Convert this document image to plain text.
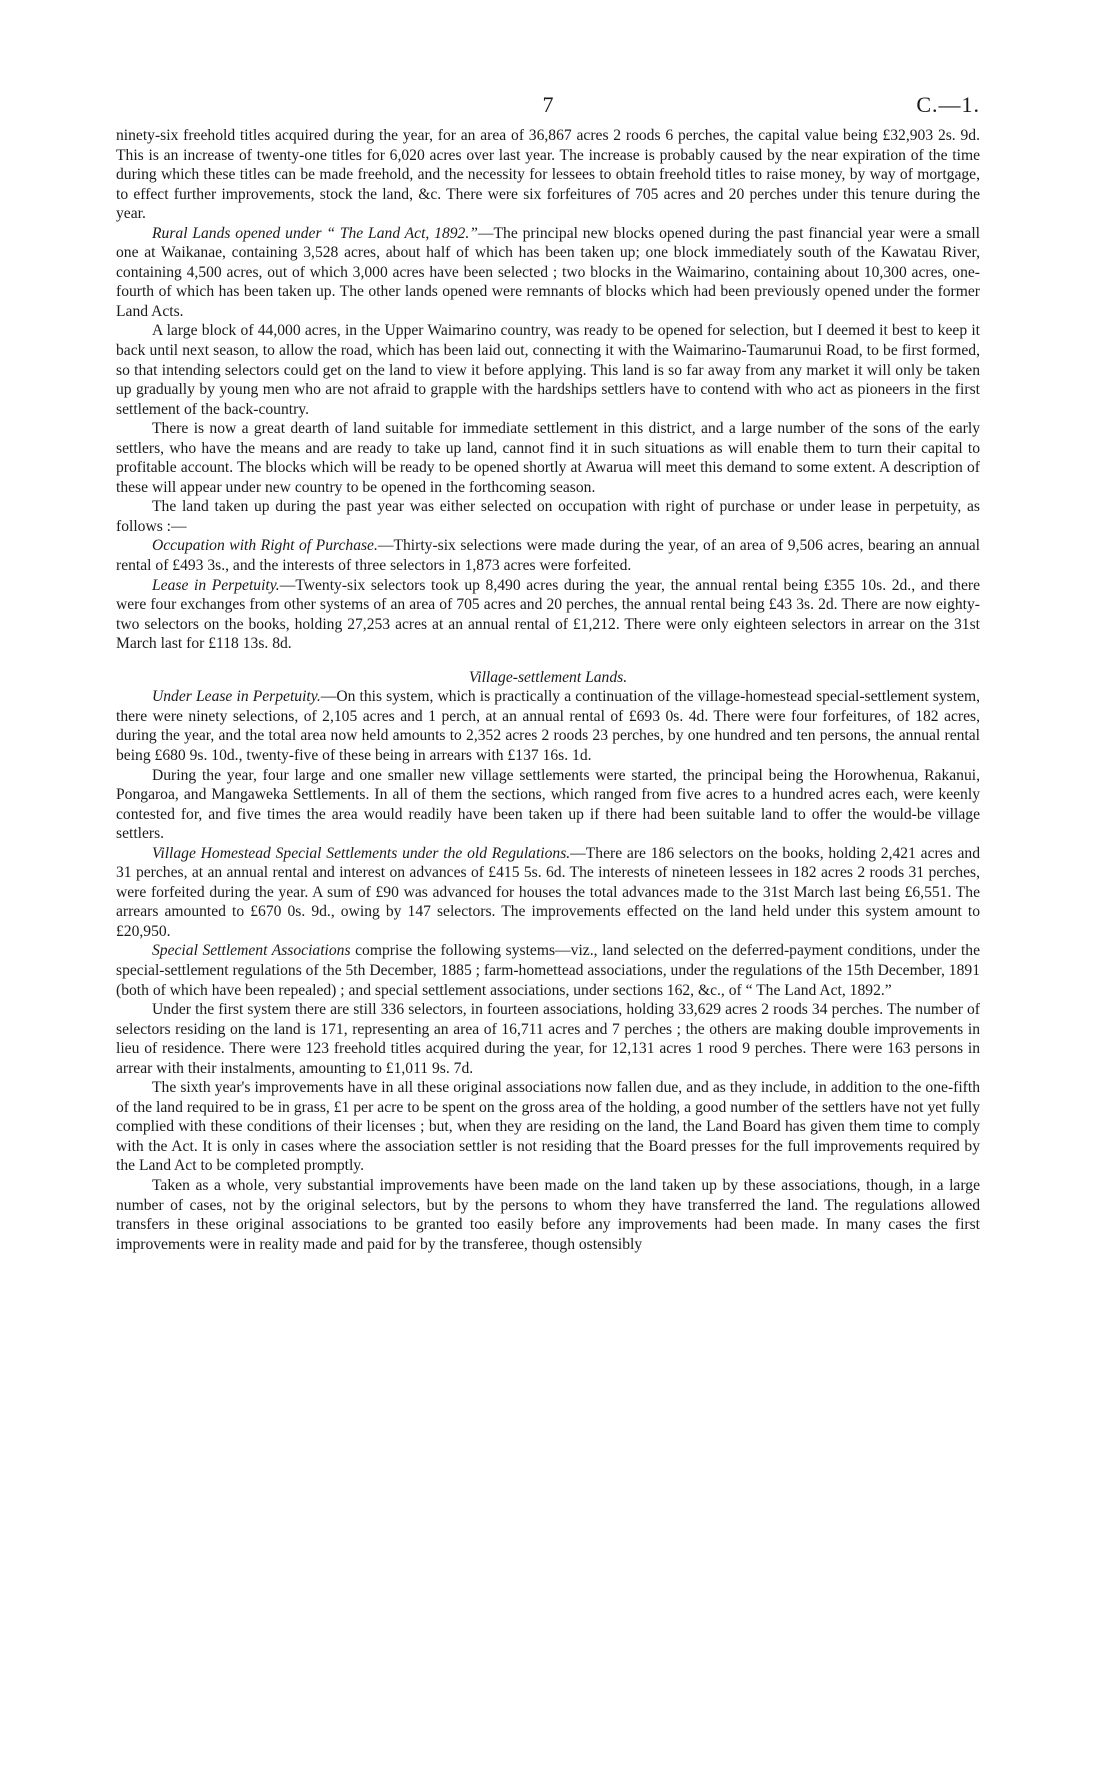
7	C.—1.

ninety-six freehold titles acquired during the year, for an area of 36,867 acres 2 roods 6 perches, the capital value being £32,903 2s. 9d. This is an increase of twenty-one titles for 6,020 acres over last year. The increase is probably caused by the near expiration of the time during which these titles can be made freehold, and the necessity for lessees to obtain freehold titles to raise money, by way of mortgage, to effect further improvements, stock the land, &c. There were six forfeitures of 705 acres and 20 perches under this tenure during the year.

Rural Lands opened under “ The Land Act, 1892.”—The principal new blocks opened during the past financial year were a small one at Waikanae, containing 3,528 acres, about half of which has been taken up; one block immediately south of the Kawatau River, containing 4,500 acres, out of which 3,000 acres have been selected ; two blocks in the Waimarino, containing about 10,300 acres, one-fourth of which has been taken up. The other lands opened were remnants of blocks which had been previously opened under the former Land Acts.

A large block of 44,000 acres, in the Upper Waimarino country, was ready to be opened for selection, but I deemed it best to keep it back until next season, to allow the road, which has been laid out, connecting it with the Waimarino-Taumarunui Road, to be first formed, so that intending selectors could get on the land to view it before applying. This land is so far away from any market it will only be taken up gradually by young men who are not afraid to grapple with the hardships settlers have to contend with who act as pioneers in the first settlement of the back-country.

There is now a great dearth of land suitable for immediate settlement in this district, and a large number of the sons of the early settlers, who have the means and are ready to take up land, cannot find it in such situations as will enable them to turn their capital to profitable account. The blocks which will be ready to be opened shortly at Awarua will meet this demand to some extent. A description of these will appear under new country to be opened in the forthcoming season.

The land taken up during the past year was either selected on occupation with right of purchase or under lease in perpetuity, as follows :—

Occupation with Right of Purchase.—Thirty-six selections were made during the year, of an area of 9,506 acres, bearing an annual rental of £493 3s., and the interests of three selectors in 1,873 acres were forfeited.

Lease in Perpetuity.—Twenty-six selectors took up 8,490 acres during the year, the annual rental being £355 10s. 2d., and there were four exchanges from other systems of an area of 705 acres and 20 perches, the annual rental being £43 3s. 2d. There are now eighty-two selectors on the books, holding 27,253 acres at an annual rental of £1,212. There were only eighteen selectors in arrear on the 31st March last for £118 13s. 8d.

Village-settlement Lands.

Under Lease in Perpetuity.—On this system, which is practically a continuation of the village-homestead special-settlement system, there were ninety selections, of 2,105 acres and 1 perch, at an annual rental of £693 0s. 4d. There were four forfeitures, of 182 acres, during the year, and the total area now held amounts to 2,352 acres 2 roods 23 perches, by one hundred and ten persons, the annual rental being £680 9s. 10d., twenty-five of these being in arrears with £137 16s. 1d.

During the year, four large and one smaller new village settlements were started, the principal being the Horowhenua, Rakanui, Pongaroa, and Mangaweka Settlements. In all of them the sections, which ranged from five acres to a hundred acres each, were keenly contested for, and five times the area would readily have been taken up if there had been suitable land to offer the would-be village settlers.

Village Homestead Special Settlements under the old Regulations.—There are 186 selectors on the books, holding 2,421 acres and 31 perches, at an annual rental and interest on advances of £415 5s. 6d. The interests of nineteen lessees in 182 acres 2 roods 31 perches, were forfeited during the year. A sum of £90 was advanced for houses the total advances made to the 31st March last being £6,551. The arrears amounted to £670 0s. 9d., owing by 147 selectors. The improvements effected on the land held under this system amount to £20,950.

Special Settlement Associations comprise the following systems—viz., land selected on the deferred-payment conditions, under the special-settlement regulations of the 5th December, 1885 ; farm-homettead associations, under the regulations of the 15th December, 1891 (both of which have been repealed) ; and special settlement associations, under sections 162, &c., of “ The Land Act, 1892.”

Under the first system there are still 336 selectors, in fourteen associations, holding 33,629 acres 2 roods 34 perches. The number of selectors residing on the land is 171, representing an area of 16,711 acres and 7 perches ; the others are making double improvements in lieu of residence. There were 123 freehold titles acquired during the year, for 12,131 acres 1 rood 9 perches. There were 163 persons in arrear with their instalments, amounting to £1,011 9s. 7d.

The sixth year's improvements have in all these original associations now fallen due, and as they include, in addition to the one-fifth of the land required to be in grass, £1 per acre to be spent on the gross area of the holding, a good number of the settlers have not yet fully complied with these conditions of their licenses ; but, when they are residing on the land, the Land Board has given them time to comply with the Act. It is only in cases where the association settler is not residing that the Board presses for the full improvements required by the Land Act to be completed promptly.

Taken as a whole, very substantial improvements have been made on the land taken up by these associations, though, in a large number of cases, not by the original selectors, but by the persons to whom they have transferred the land. The regulations allowed transfers in these original associations to be granted too easily before any improvements had been made. In many cases the first improvements were in reality made and paid for by the transferee, though ostensibly
